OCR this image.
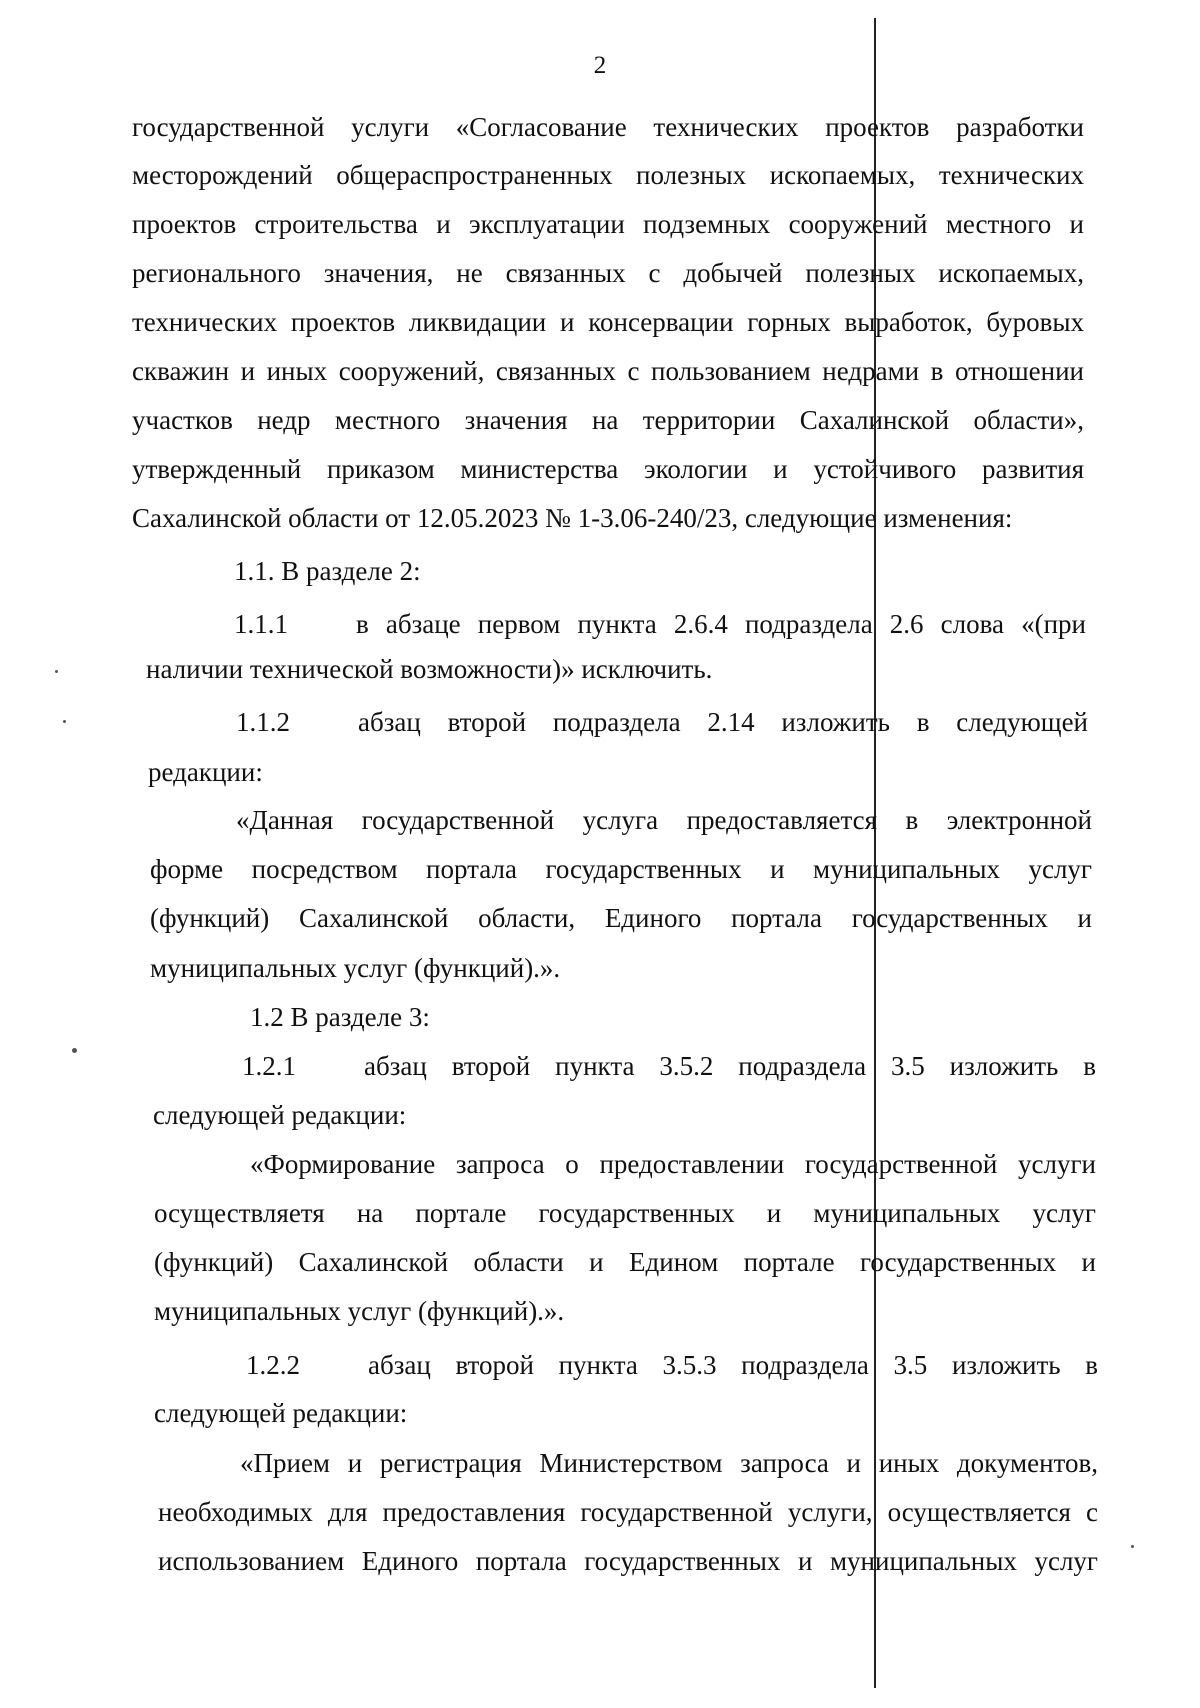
2
государственной услуги «Согласование технических проектов разработки
месторождений общераспространенных полезных ископаемых, технических
проектов строительства и эксплуатации подземных сооружений местного и
регионального значения, не связанных с добычей полезных ископаемых,
технических проектов ликвидации и консервации горных выработок, буровых
скважин и иных сооружений, связанных с пользованием недрами в отношении
участков недр местного значения на территории Сахалинской области»,
утвержденный приказом министерства экологии и устойчивого развития
Сахалинской области от 12.05.2023 № 1-3.06-240/23, следующие изменения:
1.1. В разделе 2:
1.1.1	в абзаце первом пункта 2.6.4 подраздела 2.6 слова «(при
наличии технической возможности)» исключить.
1.1.2	абзац второй подраздела 2.14 изложить в следующей
редакции:
«Данная государственной услуга предоставляется в электронной
форме посредством портала государственных и муниципальных услуг
(функций) Сахалинской области, Единого портала государственных и
муниципальных услуг (функций).».
1.2 В разделе 3:
1.2.1	абзац второй пункта 3.5.2 подраздела 3.5 изложить в
следующей редакции:
«Формирование запроса о предоставлении государственной услуги
осуществляетя на портале государственных и муниципальных услуг
(функций) Сахалинской области и Едином портале государственных и
муниципальных услуг (функций).».
1.2.2	абзац второй пункта 3.5.3 подраздела 3.5 изложить в
следующей редакции:
«Прием и регистрация Министерством запроса и иных документов,
необходимых для предоставления государственной услуги, осуществляется с
использованием Единого портала государственных и муниципальных услуг
